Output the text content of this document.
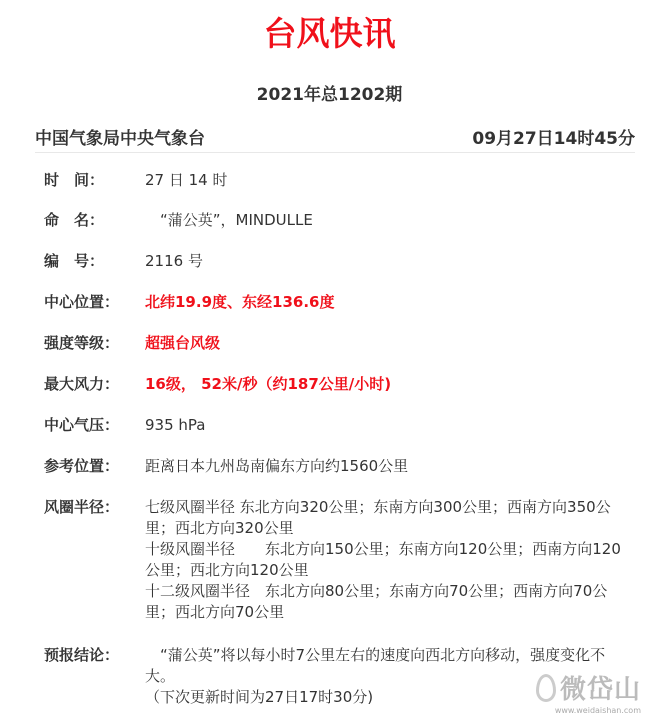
台风快讯
2021年总1202期
中国气象局中央气象台	09月27日14时45分
时　间：	27 日 14 时
命　名：	　“蒲公英”，MINDULLE
编　号：	2116 号
中心位置： 北纬19.9度、东经136.6度
强度等级： 超强台风级
最大风力： 16级， 52米/秒（约187公里/小时)
中心气压： 935 hPa
参考位置： 距离日本九州岛南偏东方向约1560公里
风圈半径： 七级风圈半径 东北方向320公里；东南方向300公里；西南方向350公里；西北方向320公里
十级风圈半径　　东北方向150公里；东南方向120公里；西南方向120公里；西北方向120公里
十二级风圈半径　东北方向80公里；东南方向70公里；西南方向70公里；西北方向70公里
预报结论： 　“蒲公英”将以每小时7公里左右的速度向西北方向移动，强度变化不大。
（下次更新时间为27日17时30分)	微岱山
www.weidaishan.com
